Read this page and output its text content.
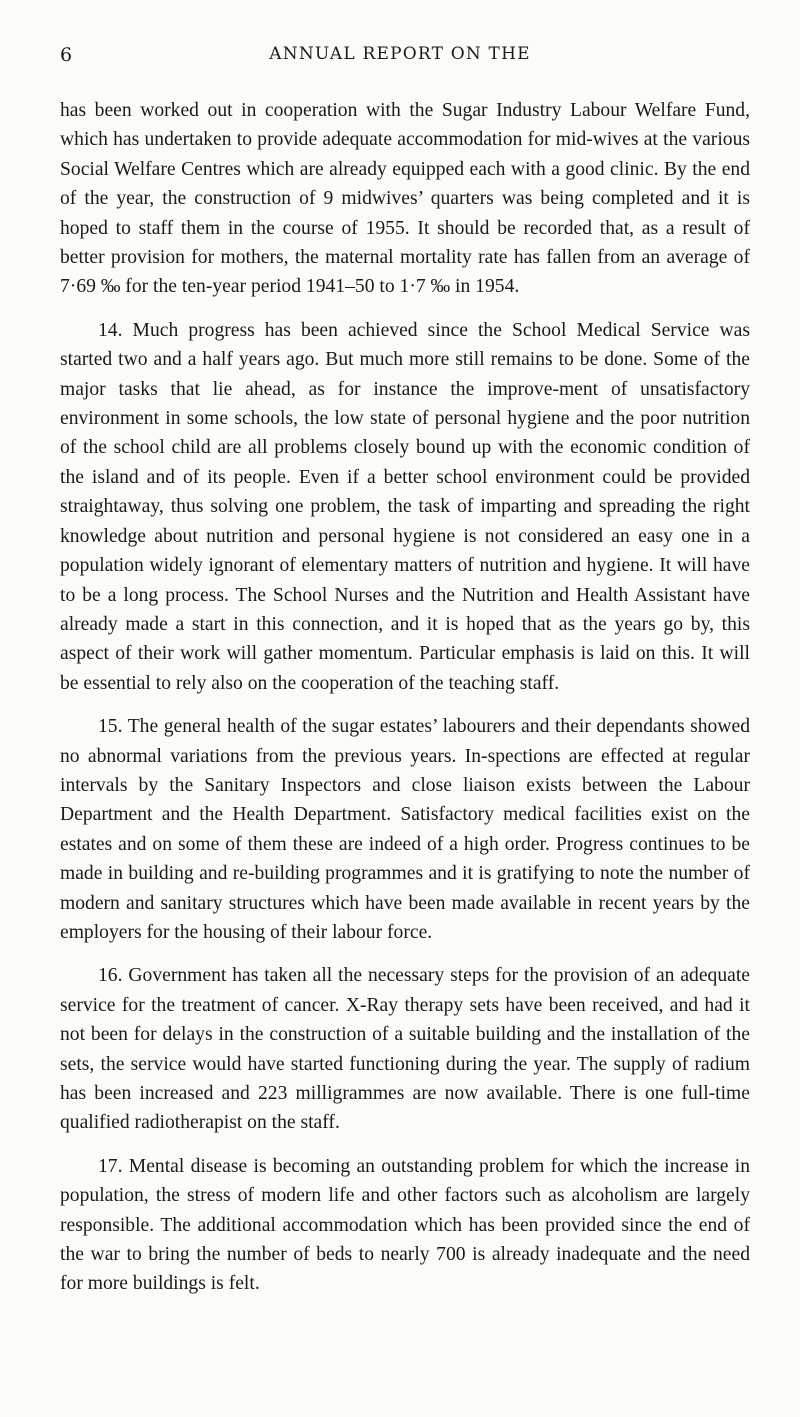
6	ANNUAL REPORT ON THE

has been worked out in cooperation with the Sugar Industry Labour Welfare Fund, which has undertaken to provide adequate accommodation for mid-wives at the various Social Welfare Centres which are already equipped each with a good clinic. By the end of the year, the construction of 9 midwives’ quarters was being completed and it is hoped to staff them in the course of 1955. It should be recorded that, as a result of better provision for mothers, the maternal mortality rate has fallen from an average of 7·69 ‰ for the ten-year period 1941–50 to 1·7 ‰ in 1954.

14. Much progress has been achieved since the School Medical Service was started two and a half years ago. But much more still remains to be done. Some of the major tasks that lie ahead, as for instance the improve-ment of unsatisfactory environment in some schools, the low state of personal hygiene and the poor nutrition of the school child are all problems closely bound up with the economic condition of the island and of its people. Even if a better school environment could be provided straightaway, thus solving one problem, the task of imparting and spreading the right knowledge about nutrition and personal hygiene is not considered an easy one in a population widely ignorant of elementary matters of nutrition and hygiene. It will have to be a long process. The School Nurses and the Nutrition and Health Assistant have already made a start in this connection, and it is hoped that as the years go by, this aspect of their work will gather momentum. Particular emphasis is laid on this. It will be essential to rely also on the cooperation of the teaching staff.

15. The general health of the sugar estates’ labourers and their dependants showed no abnormal variations from the previous years. In-spections are effected at regular intervals by the Sanitary Inspectors and close liaison exists between the Labour Department and the Health Department. Satisfactory medical facilities exist on the estates and on some of them these are indeed of a high order. Progress continues to be made in building and re-building programmes and it is gratifying to note the number of modern and sanitary structures which have been made available in recent years by the employers for the housing of their labour force.

16. Government has taken all the necessary steps for the provision of an adequate service for the treatment of cancer. X-Ray therapy sets have been received, and had it not been for delays in the construction of a suitable building and the installation of the sets, the service would have started functioning during the year. The supply of radium has been increased and 223 milligrammes are now available. There is one full-time qualified radiotherapist on the staff.

17. Mental disease is becoming an outstanding problem for which the increase in population, the stress of modern life and other factors such as alcoholism are largely responsible. The additional accommodation which has been provided since the end of the war to bring the number of beds to nearly 700 is already inadequate and the need for more buildings is felt.
